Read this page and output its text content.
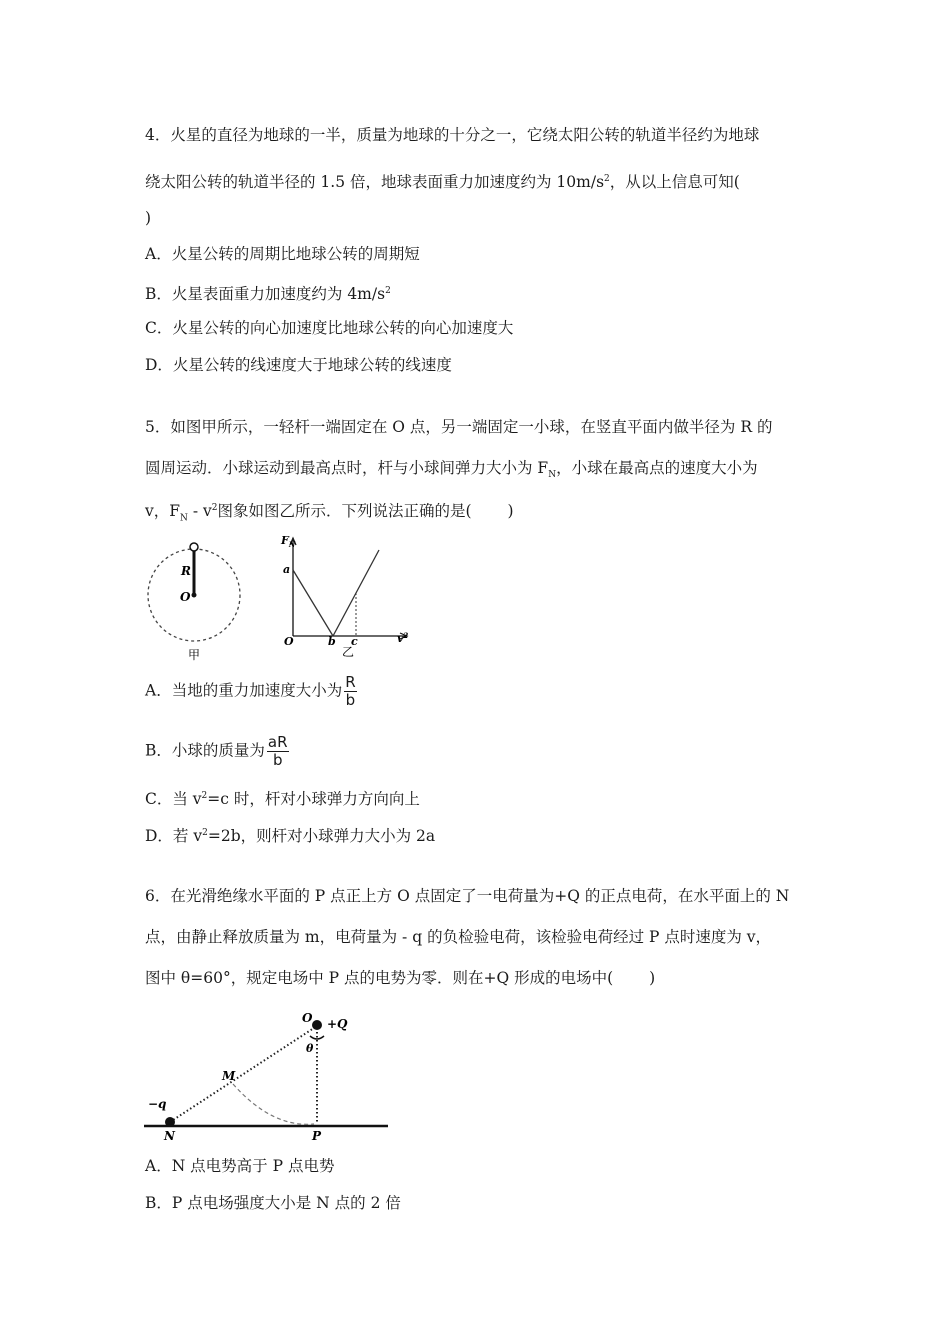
4．火星的直径为地球的一半，质量为地球的十分之一，它绕太阳公转的轨道半径约为地球
绕太阳公转的轨道半径的 1.5 倍，地球表面重力加速度约为 $10m/s^2$，从以上信息可知(
)
A．火星公转的周期比地球公转的周期短
B．火星表面重力加速度约为 $4m/s^2$
C．火星公转的向心加速度比地球公转的向心加速度大
D．火星公转的线速度大于地球公转的线速度
5．如图甲所示，一轻杆一端固定在 O 点，另一端固定一小球，在竖直平面内做半径为 R 的
圆周运动．小球运动到最高点时，杆与小球间弹力大小为 $F_N$，小球在最高点的速度大小为
v，$F_N - v^2$图象如图乙所示．下列说法正确的是(　　 )
R
O
甲
$F_N$
a
O	b c	$v^2$
乙
A．当地的重力加速度大小为 $\frac{R}{b}$
B．小球的质量为 $\frac{aR}{b}$
C．当 $v^2=c$ 时，杆对小球弹力方向向上
D．若 $v^2=2b$，则杆对小球弹力大小为 2a
6．在光滑绝缘水平面的 P 点正上方 O 点固定了一电荷量为+Q 的正点电荷，在水平面上的 N
点，由静止释放质量为 m，电荷量为 - q 的负检验电荷，该检验电荷经过 P 点时速度为 v，
图中 θ=60°，规定电场中 P 点的电势为零．则在+Q 形成的电场中(　　 )
O +Q
θ
M
−q
N	P
A．N 点电势高于 P 点电势
B．P 点电场强度大小是 N 点的 2 倍
